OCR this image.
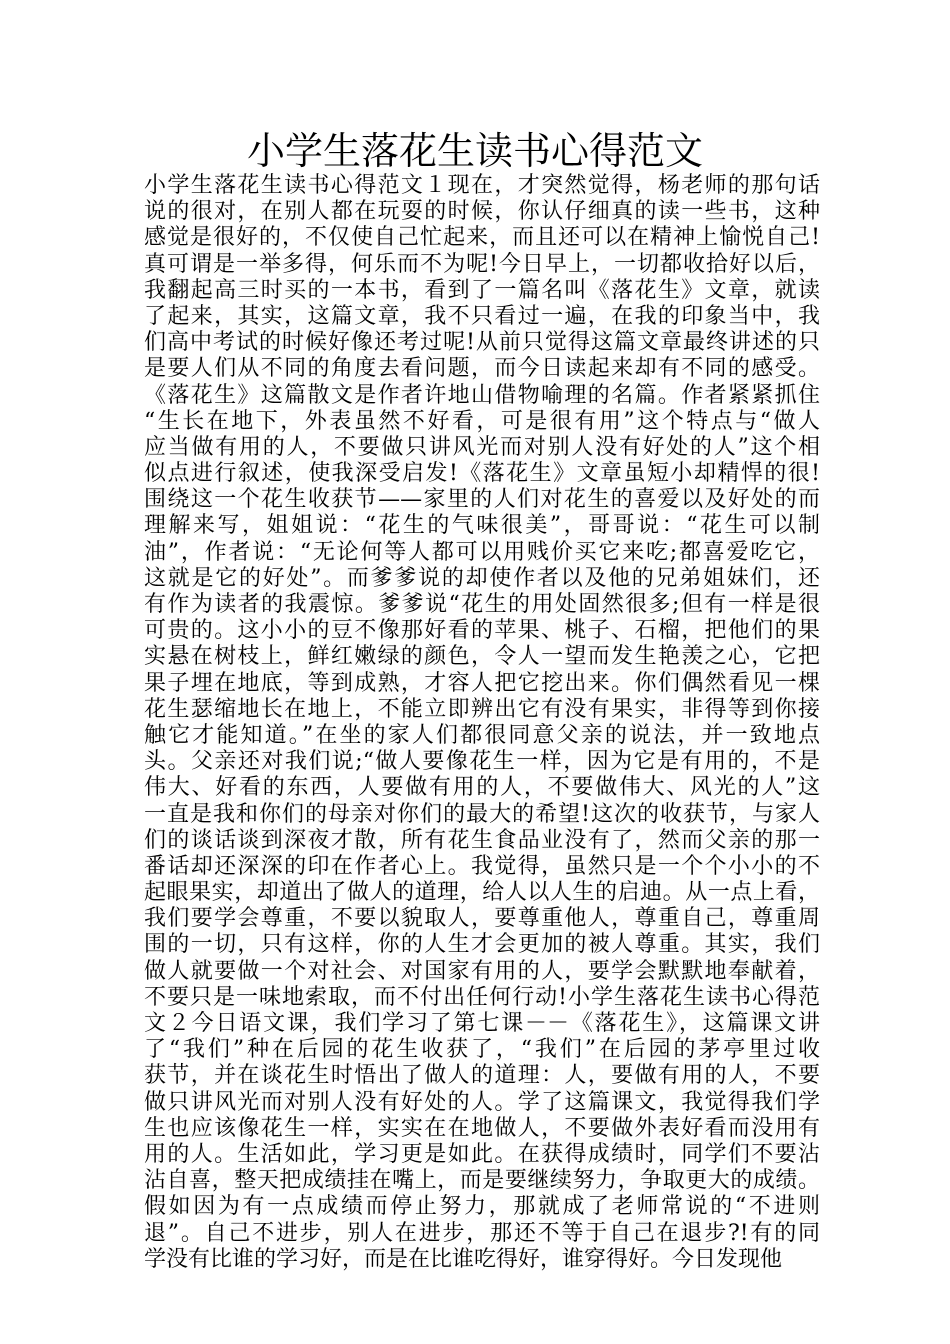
小学生落花生读书心得范文
小学生落花生读书心得范文１现在，才突然觉得，杨老师的那句话
说的很对，在别人都在玩耍的时候，你认仔细真的读一些书，这种
感觉是很好的，不仅使自己忙起来，而且还可以在精神上愉悦自己!
真可谓是一举多得，何乐而不为呢!今日早上，一切都收拾好以后，
我翻起高三时买的一本书，看到了一篇名叫《落花生》文章，就读
了起来，其实，这篇文章，我不只看过一遍，在我的印象当中，我
们高中考试的时候好像还考过呢!从前只觉得这篇文章最终讲述的只
是要人们从不同的角度去看问题，而今日读起来却有不同的感受。
《落花生》这篇散文是作者许地山借物喻理的名篇。作者紧紧抓住
“生长在地下，外表虽然不好看，可是很有用”这个特点与“做人
应当做有用的人，不要做只讲风光而对别人没有好处的人”这个相
似点进行叙述，使我深受启发!《落花生》文章虽短小却精悍的很!
围绕这一个花生收获节——家里的人们对花生的喜爱以及好处的而
理解来写，姐姐说：“花生的气味很美”，哥哥说：“花生可以制
油”，作者说：“无论何等人都可以用贱价买它来吃;都喜爱吃它，
这就是它的好处”。而爹爹说的却使作者以及他的兄弟姐妹们，还
有作为读者的我震惊。爹爹说“花生的用处固然很多;但有一样是很
可贵的。这小小的豆不像那好看的苹果、桃子、石榴，把他们的果
实悬在树枝上，鲜红嫩绿的颜色，令人一望而发生艳羡之心，它把
果子埋在地底，等到成熟，才容人把它挖出来。你们偶然看见一棵
花生瑟缩地长在地上，不能立即辨出它有没有果实，非得等到你接
触它才能知道。”在坐的家人们都很同意父亲的说法，并一致地点
头。父亲还对我们说;“做人要像花生一样，因为它是有用的，不是
伟大、好看的东西，人要做有用的人，不要做伟大、风光的人”这
一直是我和你们的母亲对你们的最大的希望!这次的收获节，与家人
们的谈话谈到深夜才散，所有花生食品业没有了，然而父亲的那一
番话却还深深的印在作者心上。我觉得，虽然只是一个个小小的不
起眼果实，却道出了做人的道理，给人以人生的启迪。从一点上看，
我们要学会尊重，不要以貌取人，要尊重他人，尊重自己，尊重周
围的一切，只有这样，你的人生才会更加的被人尊重。其实，我们
做人就要做一个对社会、对国家有用的人，要学会默默地奉献着，
不要只是一味地索取，而不付出任何行动!小学生落花生读书心得范
文２今日语文课，我们学习了第七课－－《落花生》，这篇课文讲
了“我们”种在后园的花生收获了，“我们”在后园的茅亭里过收
获节，并在谈花生时悟出了做人的道理：人，要做有用的人，不要
做只讲风光而对别人没有好处的人。学了这篇课文，我觉得我们学
生也应该像花生一样，实实在在地做人，不要做外表好看而没用有
用的人。生活如此，学习更是如此。在获得成绩时，同学们不要沾
沾自喜，整天把成绩挂在嘴上，而是要继续努力，争取更大的成绩。
假如因为有一点成绩而停止努力，那就成了老师常说的“不进则
退”。自己不进步，别人在进步，那还不等于自己在退步?!有的同
学没有比谁的学习好，而是在比谁吃得好，谁穿得好。今日发现他
